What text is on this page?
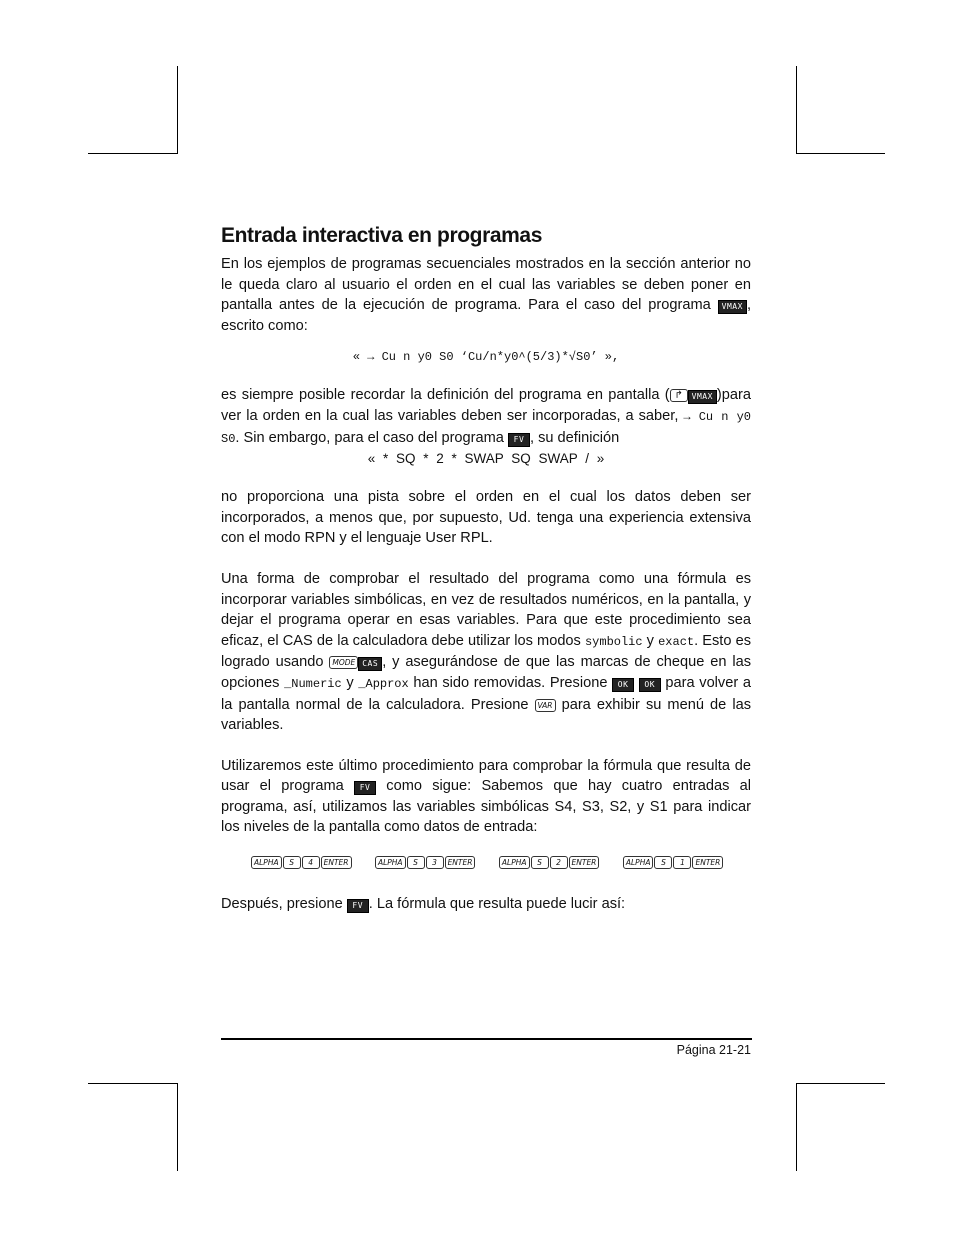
Entrada interactiva en programas

En los ejemplos de programas secuenciales mostrados en la sección anterior no le queda claro al usuario el orden en el cual las variables se deben poner en pantalla antes de la ejecución de programa. Para el caso del programa VMAX , escrito como:

« → Cu n y0 S0 ‘Cu/n*y0^(5/3)*√S0’ »,

es siempre posible recordar la definición del programa en pantalla ( ↱ VMAX )para ver la orden en la cual las variables deben ser incorporadas, a saber, → Cu n y0 S0. Sin embargo, para el caso del programa FV , su definición

« * SQ * 2 * SWAP SQ SWAP / »

no proporciona una pista sobre el orden en el cual los datos deben ser incorporados, a menos que, por supuesto, Ud. tenga una experiencia extensiva con el modo RPN y el lenguaje User RPL.

Una forma de comprobar el resultado del programa como una fórmula es incorporar variables simbólicas, en vez de resultados numéricos, en la pantalla, y dejar el programa operar en esas variables. Para que este procedimiento sea eficaz, el CAS de la calculadora debe utilizar los modos symbolic y exact. Esto es logrado usando MODE CAS , y asegurándose de que las marcas de cheque en las opciones _Numeric y _Approx han sido removidas. Presione OK OK para volver a la pantalla normal de la calculadora. Presione VAR para exhibir su menú de las variables.

Utilizaremos este último procedimiento para comprobar la fórmula que resulta de usar el programa FV como sigue: Sabemos que hay cuatro entradas al programa, así, utilizamos las variables simbólicas S4, S3, S2, y S1 para indicar los niveles de la pantalla como datos de entrada:

ALPHA S 4 ENTER	ALPHA S 3 ENTER	ALPHA S 2 ENTER	ALPHA S 1 ENTER

Después, presione FV . La fórmula que resulta puede lucir así:

Página 21-21
